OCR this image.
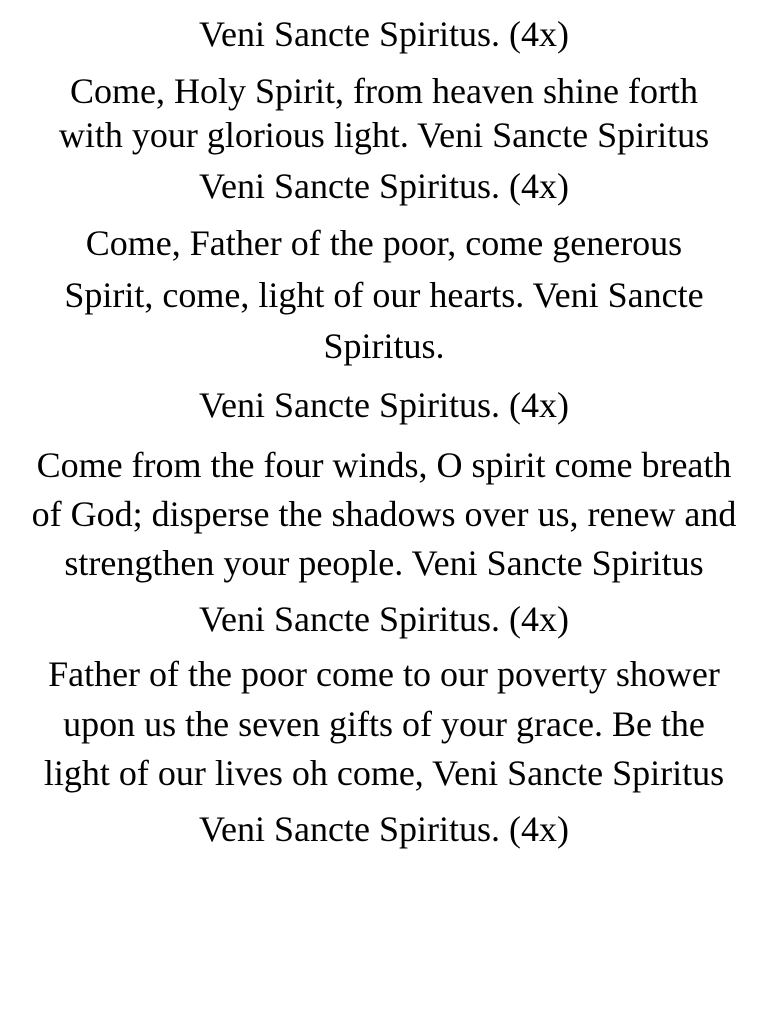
Veni Sancte Spiritus. (4x)

Come, Holy Spirit, from heaven shine forth

with your glorious light. Veni Sancte Spiritus

Veni Sancte Spiritus. (4x)

Come, Father of the poor, come generous

Spirit, come, light of our hearts. Veni Sancte

Spiritus.

Veni Sancte Spiritus. (4x)

Come from the four winds, O spirit come breath

of God; disperse the shadows over us, renew and

strengthen your people. Veni Sancte Spiritus

Veni Sancte Spiritus. (4x)

Father of the poor come to our poverty shower

upon us the seven gifts of your grace. Be the

light of our lives oh come, Veni Sancte Spiritus

Veni Sancte Spiritus. (4x)
